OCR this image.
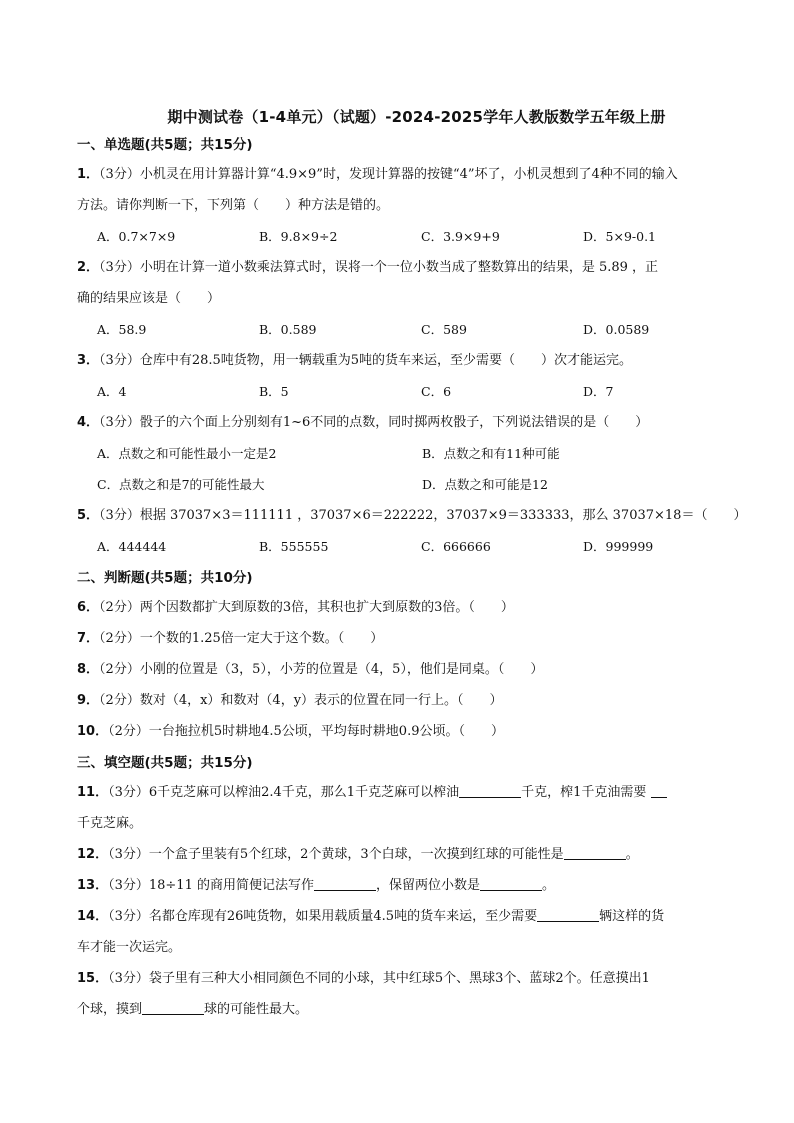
期中测试卷（1-4单元）（试题）-2024-2025学年人教版数学五年级上册
一、单选题(共5题；共15分)
1．（3分）小机灵在用计算器计算“4.9×9”时，发现计算器的按键“4”坏了，小机灵想到了4种不同的输入
方法。请你判断一下，下列第（　　）种方法是错的。
A．0.7×7×9	B．9.8×9÷2	C．3.9×9+9	D．5×9-0.1
2．（3分）小明在计算一道小数乘法算式时，误将一个一位小数当成了整数算出的结果，是 5.89 ，正
确的结果应该是（　　）
A．58.9	B．0.589	C．589	D．0.0589
3．（3分）仓库中有28.5吨货物，用一辆载重为5吨的货车来运，至少需要（　　）次才能运完。
A．4	B．5	C．6	D．7
4．（3分）骰子的六个面上分别刻有1~6不同的点数，同时掷两枚骰子，下列说法错误的是（　　）
A．点数之和可能性最小一定是2	B．点数之和有11种可能
C．点数之和是7的可能性最大	D．点数之和可能是12
5．（3分）根据 37037×3＝111111 ，37037×6＝222222，37037×9＝333333，那么 37037×18＝（　　）
A．444444	B．555555	C．666666	D．999999
二、判断题(共5题；共10分)
6．（2分）两个因数都扩大到原数的3倍，其积也扩大到原数的3倍。（　　）
7．（2分）一个数的1.25倍一定大于这个数。（　　）
8．（2分）小刚的位置是（3，5），小芳的位置是（4，5），他们是同桌。（　　）
9．（2分）数对（4，x）和数对（4，y）表示的位置在同一行上。（　　）
10．（2分）一台拖拉机5时耕地4.5公顷，平均每时耕地0.9公顷。（　　）
三、填空题(共5题；共15分)
11．（3分）6千克芝麻可以榨油2.4千克，那么1千克芝麻可以榨油	千克，榨1千克油需要
千克芝麻。
12．（3分）一个盒子里装有5个红球，2个黄球，3个白球，一次摸到红球的可能性是	。
13．（3分）18÷11 的商用简便记法写作	，保留两位小数是	。
14．（3分）名都仓库现有26吨货物，如果用载质量4.5吨的货车来运，至少需要	辆这样的货
车才能一次运完。
15．（3分）袋子里有三种大小相同颜色不同的小球，其中红球5个、黑球3个、蓝球2个。任意摸出1
个球，摸到	球的可能性最大。
